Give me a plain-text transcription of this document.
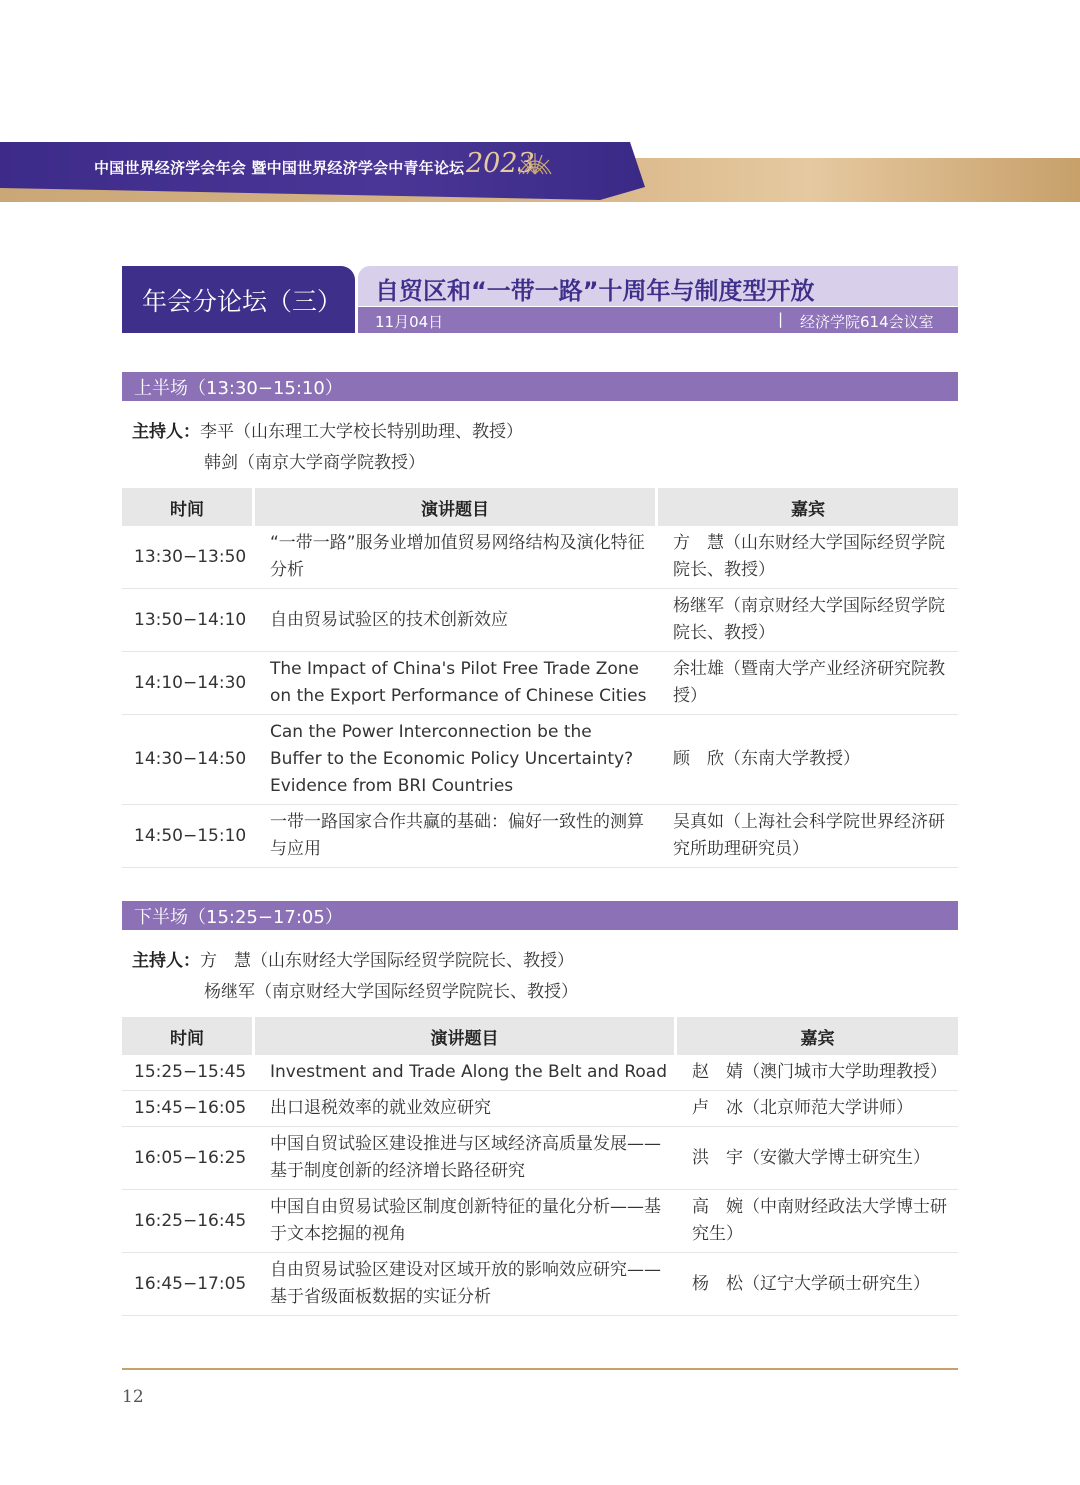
中国世界经济学会年会 暨中国世界经济学会中青年论坛 2023
年会分论坛（三）	自贸区和“一带一路”十周年与制度型开放
11月04日	| 经济学院614会议室
上半场（13:30−15:10）
主持人：李平（山东理工大学校长特别助理、教授）
韩剑（南京大学商学院教授）
时间	演讲题目	嘉宾
13:30−13:50	“一带一路”服务业增加值贸易网络结构及演化特征分析	方　慧（山东财经大学国际经贸学院院长、教授）
13:50−14:10	自由贸易试验区的技术创新效应	杨继军（南京财经大学国际经贸学院院长、教授）
14:10−14:30	The Impact of China's Pilot Free Trade Zone on the Export Performance of Chinese Cities	余壮雄（暨南大学产业经济研究院教授）
14:30−14:50	Can the Power Interconnection be the Buffer to the Economic Policy Uncertainty? Evidence from BRI Countries	顾　欣（东南大学教授）
14:50−15:10	一带一路国家合作共赢的基础：偏好一致性的测算与应用	吴真如（上海社会科学院世界经济研究所助理研究员）
下半场（15:25−17:05）
主持人：方　慧（山东财经大学国际经贸学院院长、教授）
杨继军（南京财经大学国际经贸学院院长、教授）
时间	演讲题目	嘉宾
15:25−15:45	Investment and Trade Along the Belt and Road	赵　婧（澳门城市大学助理教授）
15:45−16:05	出口退税效率的就业效应研究	卢　冰（北京师范大学讲师）
16:05−16:25	中国自贸试验区建设推进与区域经济高质量发展——基于制度创新的经济增长路径研究	洪　宇（安徽大学博士研究生）
16:25−16:45	中国自由贸易试验区制度创新特征的量化分析——基于文本挖掘的视角	高　婉（中南财经政法大学博士研究生）
16:45−17:05	自由贸易试验区建设对区域开放的影响效应研究——基于省级面板数据的实证分析	杨　松（辽宁大学硕士研究生）
12
